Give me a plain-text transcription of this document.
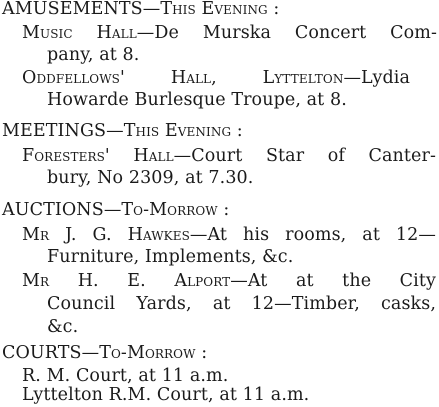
AMUSEMENTS—This Evening :
Music Hall—De Murska Concert Com-
pany, at 8.
Oddfellows' Hall, Lyttelton—Lydia
Howarde Burlesque Troupe, at 8.
MEETINGS—This Evening :
Foresters' Hall—Court Star of Canter-
bury, No 2309, at 7.30.
AUCTIONS—To-Morrow :
Mr J. G. Hawkes—At his rooms, at 12—
Furniture, Implements, &c.
Mr H. E. Alport—At at the City
Council Yards, at 12—Timber, casks,
&c.
COURTS—To-Morrow :
R. M. Court, at 11 a.m.
Lyttelton R.M. Court, at 11 a.m.
